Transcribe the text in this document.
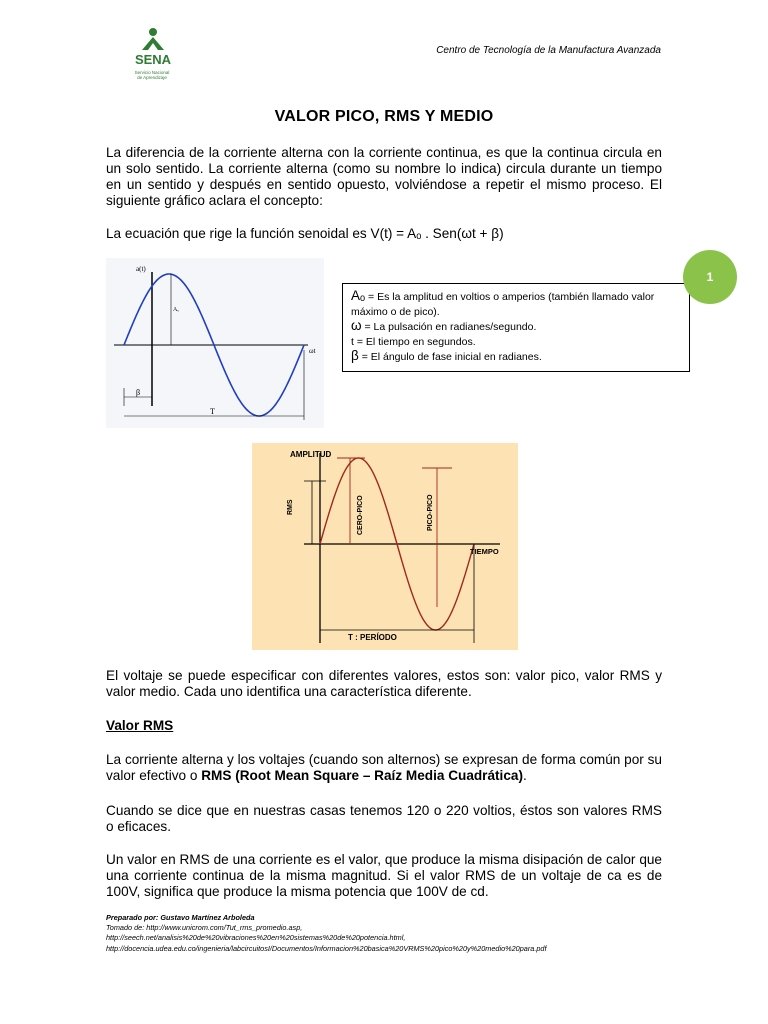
SENA
Servicio Nacional
de Aprendizaje
Centro de Tecnología de la Manufactura Avanzada
VALOR PICO, RMS Y MEDIO
La diferencia de la corriente alterna con la corriente continua, es que la continua circula en un solo sentido. La corriente alterna (como su nombre lo indica) circula durante un tiempo en un sentido y después en sentido opuesto, volviéndose a repetir el mismo proceso. El siguiente gráfico aclara el concepto:
La ecuación que rige la función senoidal es V(t) = Aₒ . Sen(ωt + β)
a(t)
Aₒ
ωt
β
T
Aₒ = Es la amplitud en voltios o amperios (también llamado valor máximo o de pico).
ω = La pulsación en radianes/segundo.
t = El tiempo en segundos.
β = El ángulo de fase inicial en radianes.
1
AMPLITUD
RMS	CERO-PICO	PICO-PICO
TIEMPO
T : PERÍODO
El voltaje se puede especificar con diferentes valores, estos son: valor pico, valor RMS y valor medio. Cada uno identifica una característica diferente.
Valor RMS
La corriente alterna y los voltajes (cuando son alternos) se expresan de forma común por su valor efectivo o RMS (Root Mean Square – Raíz Media Cuadrática).
Cuando se dice que en nuestras casas tenemos 120 o 220 voltios, éstos son valores RMS o eficaces.
Un valor en RMS de una corriente es el valor, que produce la misma disipación de calor que una corriente continua de la misma magnitud. Si el valor RMS de un voltaje de ca es de 100V, significa que produce la misma potencia que 100V de cd.
Preparado por: Gustavo Martínez Arboleda
Tomado de: http://www.unicrom.com/Tut_rms_promedio.asp,
http://seech.net/analisis%20de%20vibraciones%20en%20sistemas%20de%20potencia.html,
http://docencia.udea.edu.co/ingenieria/labcircuitosI/Documentos/Informacion%20basica%20VRMS%20pico%20y%20medio%20para.pdf
